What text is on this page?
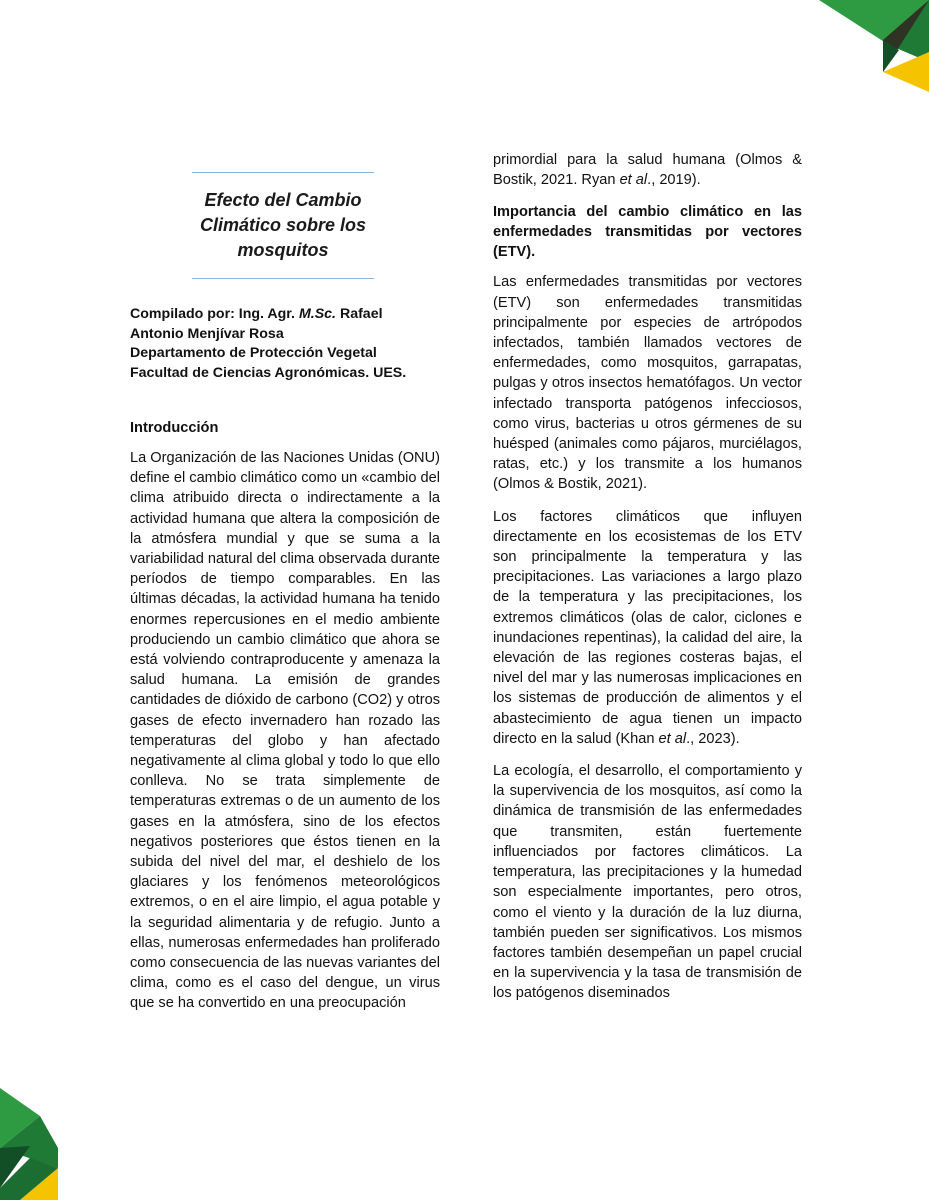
Efecto del Cambio
Climático sobre los
mosquitos
Compilado por: Ing. Agr. M.Sc. Rafael
Antonio Menjívar Rosa
Departamento de Protección Vegetal
Facultad de Ciencias Agronómicas. UES.
Introducción

La Organización de las Naciones Unidas (ONU) define el cambio climático como un «cambio del clima atribuido directa o indirectamente a la actividad humana que altera la composición de la atmósfera mundial y que se suma a la variabilidad natural del clima observada durante períodos de tiempo comparables. En las últimas décadas, la actividad humana ha tenido enormes repercusiones en el medio ambiente produciendo un cambio climático que ahora se está volviendo contraproducente y amenaza la salud humana. La emisión de grandes cantidades de dióxido de carbono (CO2) y otros gases de efecto invernadero han rozado las temperaturas del globo y han afectado negativamente al clima global y todo lo que ello conlleva. No se trata simplemente de temperaturas extremas o de un aumento de los gases en la atmósfera, sino de los efectos negativos posteriores que éstos tienen en la subida del nivel del mar, el deshielo de los glaciares y los fenómenos meteorológicos extremos, o en el aire limpio, el agua potable y la seguridad alimentaria y de refugio. Junto a ellas, numerosas enfermedades han proliferado como consecuencia de las nuevas variantes del clima, como es el caso del dengue, un virus que se ha convertido en una preocupación

primordial para la salud humana (Olmos & Bostik, 2021. Ryan et al., 2019).

Importancia del cambio climático en las enfermedades transmitidas por vectores (ETV).

Las enfermedades transmitidas por vectores (ETV) son enfermedades transmitidas principalmente por especies de artrópodos infectados, también llamados vectores de enfermedades, como mosquitos, garrapatas, pulgas y otros insectos hematófagos. Un vector infectado transporta patógenos infecciosos, como virus, bacterias u otros gérmenes de su huésped (animales como pájaros, murciélagos, ratas, etc.) y los transmite a los humanos (Olmos & Bostik, 2021).

Los factores climáticos que influyen directamente en los ecosistemas de los ETV son principalmente la temperatura y las precipitaciones. Las variaciones a largo plazo de la temperatura y las precipitaciones, los extremos climáticos (olas de calor, ciclones e inundaciones repentinas), la calidad del aire, la elevación de las regiones costeras bajas, el nivel del mar y las numerosas implicaciones en los sistemas de producción de alimentos y el abastecimiento de agua tienen un impacto directo en la salud (Khan et al., 2023).

La ecología, el desarrollo, el comportamiento y la supervivencia de los mosquitos, así como la dinámica de transmisión de las enfermedades que transmiten, están fuertemente influenciados por factores climáticos. La temperatura, las precipitaciones y la humedad son especialmente importantes, pero otros, como el viento y la duración de la luz diurna, también pueden ser significativos. Los mismos factores también desempeñan un papel crucial en la supervivencia y la tasa de transmisión de los patógenos diseminados
